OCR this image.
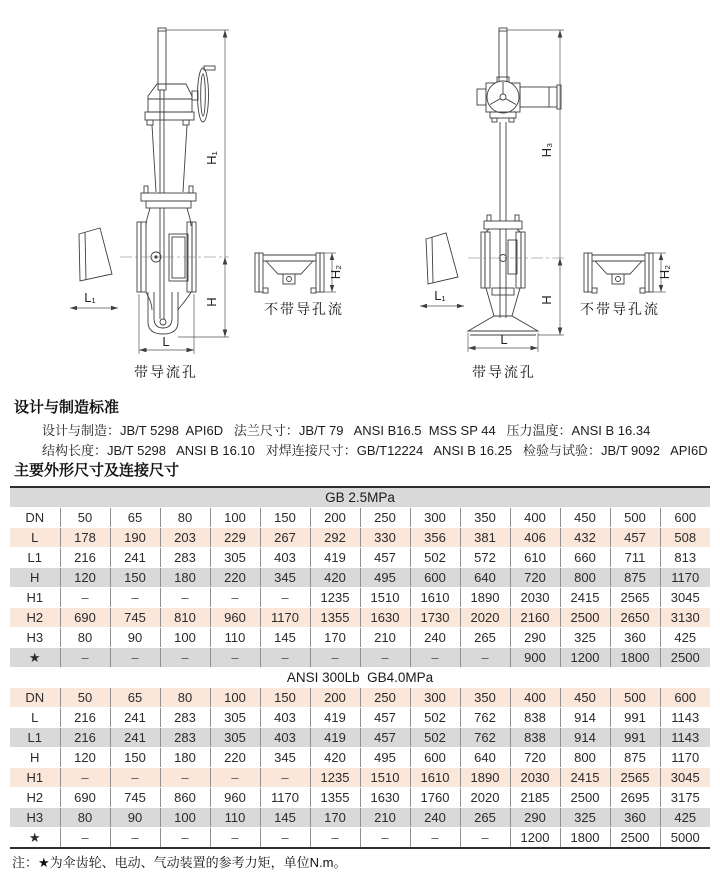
H₁
H
H₂
L
L₁
带导流孔
不带导孔流
H₃
H
H₂
L
L₁
带导流孔
不带导孔流
设计与制造标准
设计与制造：JB/T 5298  API6D   法兰尺寸：JB/T 79   ANSI B16.5  MSS SP 44   压力温度：ANSI B 16.34
结构长度：JB/T 5298   ANSI B 16.10   对焊连接尺寸：GB/T12224   ANSI B 16.25   检验与试验：JB/T 9092   API6D
主要外形尺寸及连接尺寸
GB 2.5MPa													
DN	50	65	80	100	150	200	250	300	350	400	450	500	600
L	178	190	203	229	267	292	330	356	381	406	432	457	508
L1	216	241	283	305	403	419	457	502	572	610	660	711	813
H	120	150	180	220	345	420	495	600	640	720	800	875	1170
H1	–	–	–	–	–	1235	1510	1610	1890	2030	2415	2565	3045
H2	690	745	810	960	1170	1355	1630	1730	2020	2160	2500	2650	3130
H3	80	90	100	110	145	170	210	240	265	290	325	360	425
★	–	–	–	–	–	–	–	–	–	900	1200	1800	2500
ANSI 300Lb  GB4.0MPa													
DN	50	65	80	100	150	200	250	300	350	400	450	500	600
L	216	241	283	305	403	419	457	502	762	838	914	991	1143
L1	216	241	283	305	403	419	457	502	762	838	914	991	1143
H	120	150	180	220	345	420	495	600	640	720	800	875	1170
H1	–	–	–	–	–	1235	1510	1610	1890	2030	2415	2565	3045
H2	690	745	860	960	1170	1355	1630	1760	2020	2185	2500	2695	3175
H3	80	90	100	110	145	170	210	240	265	290	325	360	425
★	–	–	–	–	–	–	–	–	–	1200	1800	2500	5000
注：★为伞齿轮、电动、气动装置的参考力矩，单位N.m。
